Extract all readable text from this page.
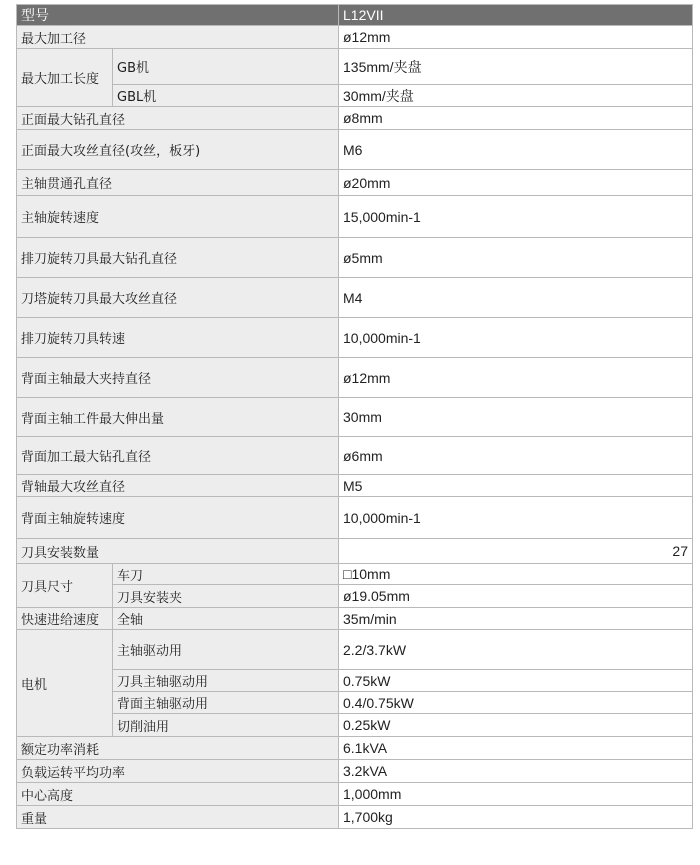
型号		L12VII
最大加工径		ø12mm
最大加工长度	GB机	135mm/夹盘
	GBL机	30mm/夹盘
正面最大钻孔直径		ø8mm
正面最大攻丝直径(攻丝，板牙)		M6
主轴贯通孔直径		ø20mm
主轴旋转速度		15,000min-1
排刀旋转刀具最大钻孔直径		ø5mm
刀塔旋转刀具最大攻丝直径		M4
排刀旋转刀具转速		10,000min-1
背面主轴最大夹持直径		ø12mm
背面主轴工件最大伸出量		30mm
背面加工最大钻孔直径		ø6mm
背轴最大攻丝直径		M5
背面主轴旋转速度		10,000min-1
刀具安装数量		27
刀具尺寸	车刀	□10mm
	刀具安装夹	ø19.05mm
快速进给速度	全轴	35m/min
电机	主轴驱动用	2.2/3.7kW
	刀具主轴驱动用	0.75kW
	背面主轴驱动用	0.4/0.75kW
	切削油用	0.25kW
额定功率消耗		6.1kVA
负载运转平均功率		3.2kVA
中心高度		1,000mm
重量		1,700kg
